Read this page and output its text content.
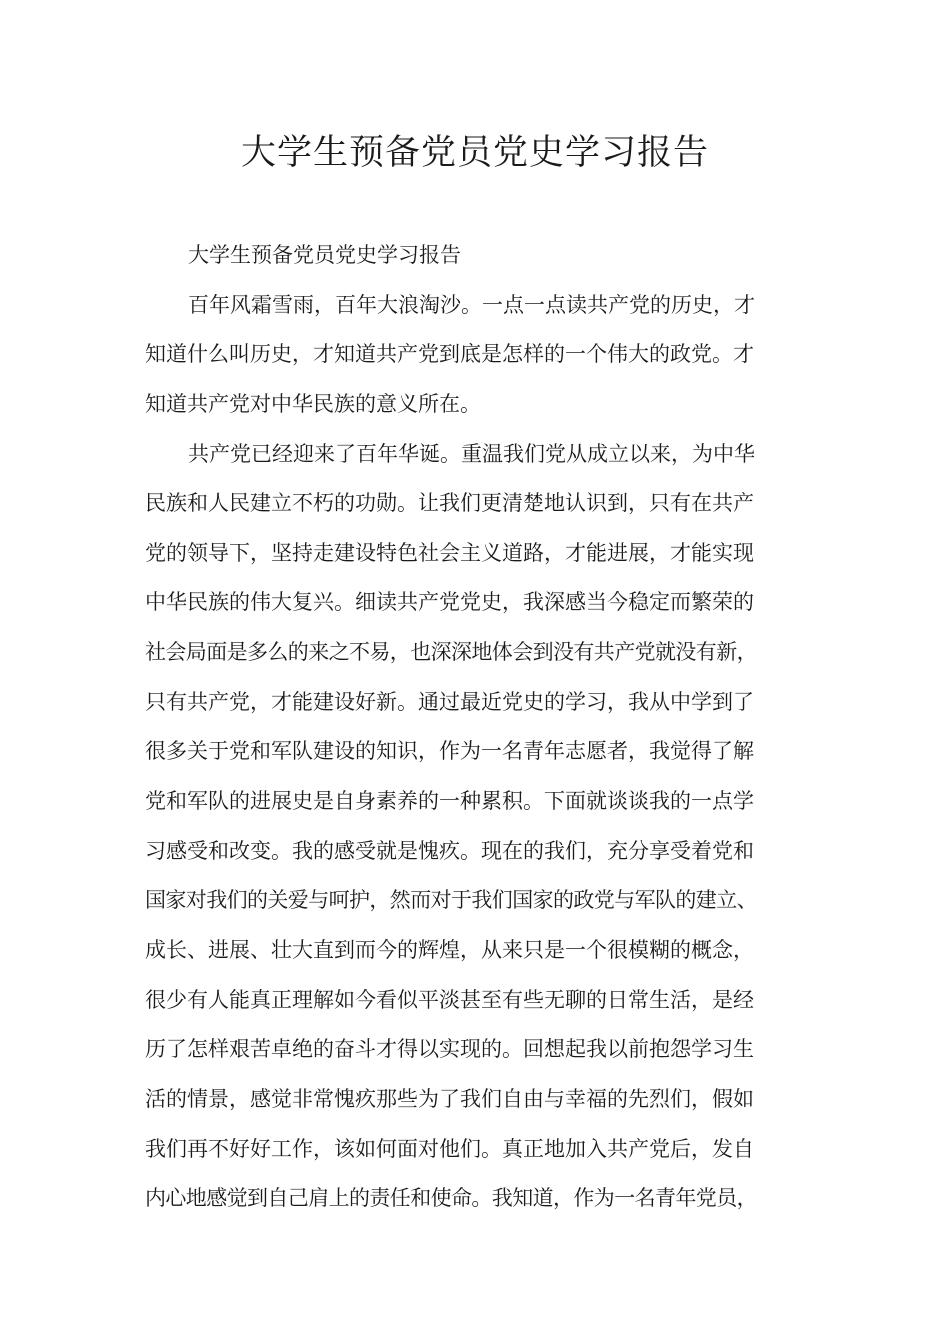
大学生预备党员党史学习报告
大学生预备党员党史学习报告
百年风霜雪雨，百年大浪淘沙。一点一点读共产党的历史，才
知道什么叫历史，才知道共产党到底是怎样的一个伟大的政党。才
知道共产党对中华民族的意义所在。
共产党已经迎来了百年华诞。重温我们党从成立以来，为中华
民族和人民建立不朽的功勋。让我们更清楚地认识到，只有在共产
党的领导下，坚持走建设特色社会主义道路，才能进展，才能实现
中华民族的伟大复兴。细读共产党党史，我深感当今稳定而繁荣的
社会局面是多么的来之不易，也深深地体会到没有共产党就没有新，
只有共产党，才能建设好新。通过最近党史的学习，我从中学到了
很多关于党和军队建设的知识，作为一名青年志愿者，我觉得了解
党和军队的进展史是自身素养的一种累积。下面就谈谈我的一点学
习感受和改变。我的感受就是愧疚。现在的我们，充分享受着党和
国家对我们的关爱与呵护，然而对于我们国家的政党与军队的建立、
成长、进展、壮大直到而今的辉煌，从来只是一个很模糊的概念，
很少有人能真正理解如今看似平淡甚至有些无聊的日常生活，是经
历了怎样艰苦卓绝的奋斗才得以实现的。回想起我以前抱怨学习生
活的情景，感觉非常愧疚那些为了我们自由与幸福的先烈们，假如
我们再不好好工作，该如何面对他们。真正地加入共产党后，发自
内心地感觉到自己肩上的责任和使命。我知道，作为一名青年党员，
